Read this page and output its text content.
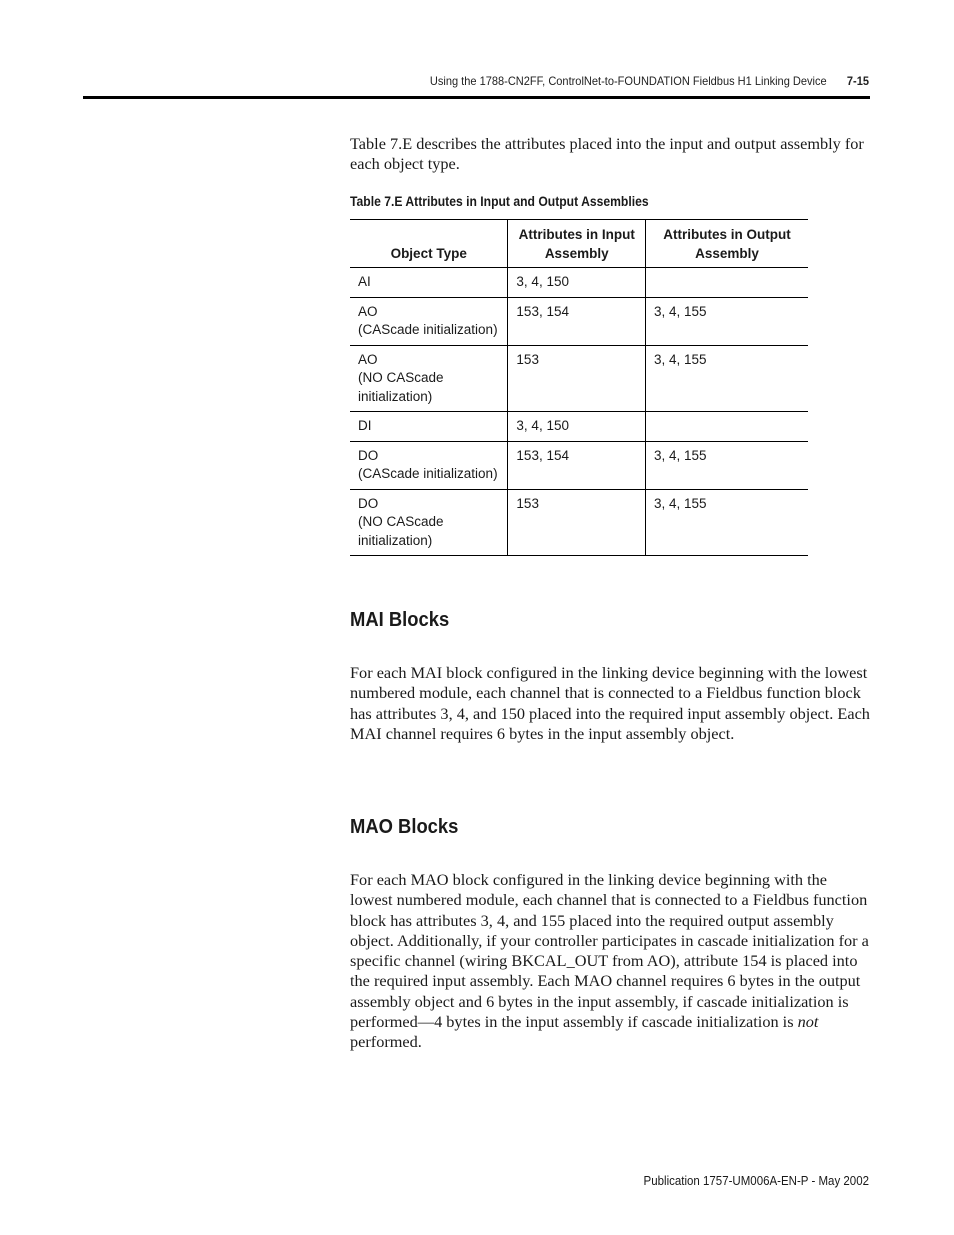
Using the 1788-CN2FF, ControlNet-to-FOUNDATION Fieldbus H1 Linking Device 7-15

Table 7.E describes the attributes placed into the input and output assembly for each object type.

Table 7.E Attributes in Input and Output Assemblies
Object Type	Attributes in Input Assembly	Attributes in Output Assembly
AI	3, 4, 150	

AO
(CAScade initialization)	153, 154	3, 4, 155

AO
(NO CAScade initialization)	153	3, 4, 155
DI	3, 4, 150	

DO
(CAScade initialization)	153, 154	3, 4, 155

DO
(NO CAScade initialization)	153	3, 4, 155
MAI Blocks

For each MAI block configured in the linking device beginning with the lowest numbered module, each channel that is connected to a Fieldbus function block has attributes 3, 4, and 150 placed into the required input assembly object. Each MAI channel requires 6 bytes in the input assembly object.

MAO Blocks

For each MAO block configured in the linking device beginning with the lowest numbered module, each channel that is connected to a Fieldbus function block has attributes 3, 4, and 155 placed into the required output assembly object. Additionally, if your controller participates in cascade initialization for a specific channel (wiring BKCAL_OUT from AO), attribute 154 is placed into the required input assembly. Each MAO channel requires 6 bytes in the output assembly object and 6 bytes in the input assembly, if cascade initialization is performed—4 bytes in the input assembly if cascade initialization is not performed.

Publication 1757-UM006A-EN-P - May 2002
